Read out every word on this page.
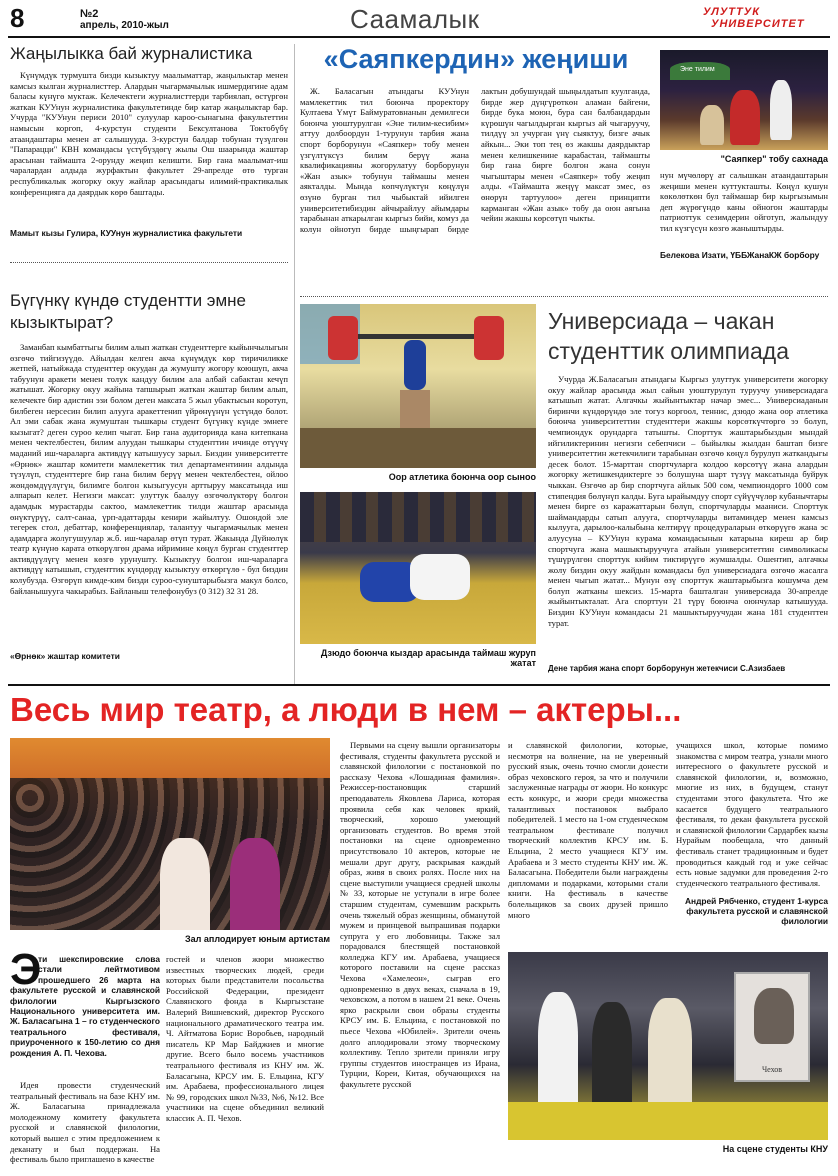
8	№2
апрель, 2010-жыл	Саамалык	УЛУТТУК
УНИВЕРСИТЕТ
Жаңылыкка бай журналистика
Күнүмдүк турмушта бизди кызыктуу маалыматтар, жаңылыктар менен камсыз кылган журналисттер. Алардын чыгармачылык ишмердигине адам баласы күнүгө муктаж. Келечектеги журналисттерди тарбиялап, өстүргөн жаткан КУУнун журналистика факультетинде бир катар жаңылыктар бар. Учурда "КУУнун периси 2010" сулуулар кароо-сынагына факультеттин намысын коргоп, 4-курстун студенти Бексултанова Токтобүбү атаандаштары менен ат салышууда. 3-курстун балдар тобунан түзүлгөн "Папарацци" КВН командасы үстүбүздөгү жылы Ош шаарында жаштар арасынан таймашта 2-орунду жеңип келишти. Бир гана маалымат-иш чаралардан алдыда журфактын факультет 29-апрелде өтө турган республикалык жогорку окуу жайлар арасындагы илимий-практикалык конференцияга да даярдык көрө баштады.
Мамыт кызы Гулира, КУУнун журналистика факультети
Бүгүнкү күндө студентти эмне кызыктырат?
Заманбап кымбаттыгы билим алып жаткан студенттерге кыйынчылыгын өзгөчө тийгизүүдө. Айылдан келген акча күнүмдүк көр тиричиликке жетпей, натыйжада студенттер окуудан да жумушту жогору коюшуп, акча табуунун аракети менен толук кандуу билим ала албай сабактан кечүп жатышат. Жогорку окуу жайына тапшырып жаткан жаштар билим алып, келечекте бир адистин эзи болом деген максата 5 жыл убактысын коротуп, билбеген нерсесин билип алууга аракеттенип үйрөнүүнүн үстүндө болот. Ал эми сабак жана жумуштан тышкары студент бүгүнкү күнде эмнеге кызыгат? деген суроо келип чыгат. Бир гана аудиторияда кана китепкана менен чектелбестен, билим алуудан тышкары студенттин ичинде өтүүчү маданий иш-чараларга активдүү катышуусу зарыл. Биздин университетте «Өрнөк» жаштар комитети мамлекеттик тил департаментинин алдында түзүлүп, студенттерге бир гана билим берүү менен чектелбестен, ойлоо жөндөмдүүлүгүн, билимге болгон кызыгуусун арттыруу максатында иш алпарып келет. Негизги максат: улуттук баалуу өзгөчөлүктөрү болгон адамдык мурастарды сактоо, мамлекеттик тилди жаштар арасында өнүктүрүү, салт-санаа, үрп-адаттарды кенири жайылтуу. Ошондой эле тегерек стол, дебаттар, конференциялар, талантуу чыгармачылык менен адамдарга жолугушуулар ж.б. иш-чаралар өтүп турат. Жакында Дүйнөлүк театр күнүнө карата өткөрүлгөн драма ийримине көңүл бурган студенттер активдүүлүгү менен көзгө урунушту. Кызыктуу болгон иш-чараларга активдүү катышып, студенттик күндөрдү кызыктуу өткөргүлө - бул биздин колубузда. Өзгөрүп кимде-ким бизди суроо-сунуштарыбызга макул болсо, байланышууга чакырабыз. Байланыш телефонубуз (0 312) 32 31 28.
«Өрнөк» жаштар комитети
«Саяпкердин» жеңиши
Ж. Баласагын атындагы КУУнун мамлекеттик тил боюнча проректору Култаева Үмүт Баймуратовнанын демилгеси боюнча уюштурулган «Эне тилим-кесибим» аттуу долбоордун 1-турунун тарбия жана спорт борборунун «Саяпкер» тобу менен үзгүлтүксүз билим берүү жана квалификацияны жогорулатуу борборунун «Жан азык» тобунун таймашы менен аякталды. Мында көпчүлүктүн көңүлүн өзүнө бурган тил чыбыктай ийилген университетибиздин айчырайлуу айымдары тарабынан аткарылган кыргыз бийи, комуз да колун ойнотуп бирде шыңгырап бирде лактын добушундай шыңылдатып куулганда, бирде жер дүңгүрөткөн аламан байгени, бирде бука моюн, бура сан балбандардын күрөшүн чагылдырган кыргыз ай чыгаруучу, тилдүү эл учурган үнү сыяктуу, бизге ачык айкын... Эки топ тең өз жакшы даярдыктар менен келишкенине карабастан, таймашты бир гана бирге болгон жана сонун чыгыштары менен «Саяпкер» тобу жеңип алды. «Таймашта жеңүү максат эмес, өз өнөрүн тартуулоо» деген принципти карманган «Жан азык» тобу да оюн аягына чейин жакшы көрсөтүп чыкты.
Эне тилим
"Саяпкер" тобу сахнада
нун мүчөлөрү ат салышкан атаандаштарын жеңиши менен куттукташты. Көңүл кушун көкөлөткөн бул таймашар бир кыргызымын деп жүрөгүндө каны ойногон жаштарды патриоттук сезимдерин ойготуп, жалындуу тил күзгүсүн көзгө жаныштырды.
Белекова Изати, ҮББЖанаКЖ борбору
Оор атлетика боюнча оор сыноо
Дзюдо боюнча кыздар арасында таймаш журуп жатат
Универсиада – чакан студенттик олимпиада
Учурда Ж.Баласагын атындагы Кыргыз улуттук университети жогорку окуу жайлар арасында жыл сайын уюштурулуп туруучу универсиадага катышып жатат. Алгачкы жыйынтыктар начар эмес... Универсиаданын биринчи күндөрүндө эле тогуз коргоол, теннис, дзюдо жана оор атлетика боюнча университеттин студенттери жакшы көрсөткүчтөргө ээ болуп, чемпиондук орундарга татышты. Спорттук жаштарыбыздын мындай ийгиликтеринин негизги себепчиси – быйылкы жылдан баштап бизге университеттин жетекчилиги тарабынан өзгөчө көңүл бурулуп жаткандыгы десек болот. 15-марттан спортчуларга колдоо көрсөтүү жана алардын жогорку жетишкендиктерге ээ болушуна шарт түзүү максатында буйрук чыккан. Өзгөчө ар бир спортчуга айлык 500 сом, чемпиондорго 1000 сом стипендия бөлүнүп калды. Буга ырайымдуу спорт сүйүүчүлөр кубанычтары менен бирге өз каражаттарын бөлүп, спортчуларды мааниси. Спорттук шаймандарды сатып алууга, спортчуларды витаминдер менен камсыз кылууга, дарылоо-калыбына келтирүү процедураларын өткөрүүгө жана эс алуусуна – КУУнун курама командасынын катарына киреш ар бир спортчуга жана машыктыруучуга атайын университеттин символикасы түшүрүлгөн спорттук кийим тиктирүүгө жумшалды. Ошентип, алгачкы жолу биздин окуу жайдын командасы бул универсиадага өзгөчө жасалга менен чыгып жатат... Мунун өзү спорттук жаштарыбызга кошумча дем болуп жатканы шексиз. 15-марта башталган универсиада 30-апрелде жыйынтыкталат. Ага спорттун 21 түрү боюнча оюнчулар катышууда. Биздин КУУнун командасы 21 машыктыруучудан жана 181 студенттен турат.
Дене тарбия жана спорт борборунун жетекчиси С.Азизбаев
Весь мир театр, а люди в нем – актеры...
Зал аплодирует юным артистам
Э
ти шекспировские слова стали лейтмотивом прошедшего 26 марта на факультете русской и славянской филологии Кыргызского Национального университета им. Ж. Баласагына 1 – го студенческого театрального фестиваля, приуроченного к 150-летию со дня рождения А. П. Чехова.
Идея провести студенческий театральный фестиваль на базе КНУ им. Ж. Баласагына принадлежала молодежному комитету факультета русской и славянской филологии, который вышел с этим предложением к деканату и был поддержан. На фестиваль было приглашено в качестве
гостей и членов жюри множество известных творческих людей, среди которых были представители посольства Российской Федерации, президент Славянского фонда в Кыргызстане Валерий Вишневский, директор Русского национального драматического театра им. Ч. Айтматова Борис Воробьев, народный писатель КР Мар Байджиев и многие другие. Всего было восемь участников театрального фестиваля из КНУ им. Ж. Баласагына, КРСУ им. Б. Ельцина, КГУ им. Арабаева, профессионального лицея № 99, городских школ №33, №6, №12. Все участники на сцене объединил великий классик А. П. Чехов.
Первыми на сцену вышли организаторы фестиваля, студенты факультета русской и славянской филологии с постановкой по рассказу Чехова «Лошадиная фамилия». Режиссер-постановщик старший преподаватель Яковлева Лариса, которая проявила себя как человек яркий, творческий, хорошо умеющий организовать студентов. Во время этой постановки на сцене одновременно присутствовало 10 актеров, которые не мешали друг другу, раскрывая каждый образ, живя в своих ролях. После них на сцене выступили учащиеся средней школы № 33, которые не уступали в игре более старшим студентам, сумевшим раскрыть очень тяжелый образ женщины, обманутой мужем и принцевой выпрашивая подарки супруга у его любовницы. Также зал порадовался блестящей постановкой колледжа КГУ им. Арабаева, учащиеся которого поставили на сцене рассказ Чехова «Хамелеон», сыграв его одновременно в двух веках, сначала в 19, чеховском, а потом в нашем 21 веке. Очень ярко раскрыли свои образы студенты КРСУ им. Б. Ельцина, с постановкой по пьесе Чехова «Юбилей». Зрители очень долго аплодировали этому творческому коллективу. Тепло зрители приняли игру группы студентов иностранцев из Ирана, Турции, Кореи, Китая, обучающихся на факультете русской
и славянской филологии, которые, несмотря на волнение, на не уверенный русский язык, очень точно смогли донести образ чеховского героя, за что и получили заслуженные награды от жюри. Но конкурс есть конкурс, и жюри среди множества талантливых постановок выбрало победителей. 1 место на 1-ом студенческом театральном фестивале получил творческий коллектив КРСУ им. Б. Ельцина, 2 место учащиеся КГУ им. Арабаева и 3 место студенты КНУ им. Ж. Баласагына. Победители были награждены дипломами и подарками, которыми стали книги. На фестиваль в качестве болельщиков за своих друзей пришло много
учащихся школ, которые помимо знакомства с миром театра, узнали много интересного о факультете русской и славянской филологии, и, возможно, многие из них, в будущем, станут студентами этого факультета. Что же касается будущего театрального фестиваля, то декан факультета русской и славянской филологии Сардарбек кызы Нурайым пообещала, что данный фестиваль станет традиционным и будет проводиться каждый год и уже сейчас есть новые задумки для проведения 2-го студенческого театрального фестиваля.
Андрей Рябченко, студент 1-курса факультета русской и славянской филологии
Чехов
На сцене студенты КНУ
